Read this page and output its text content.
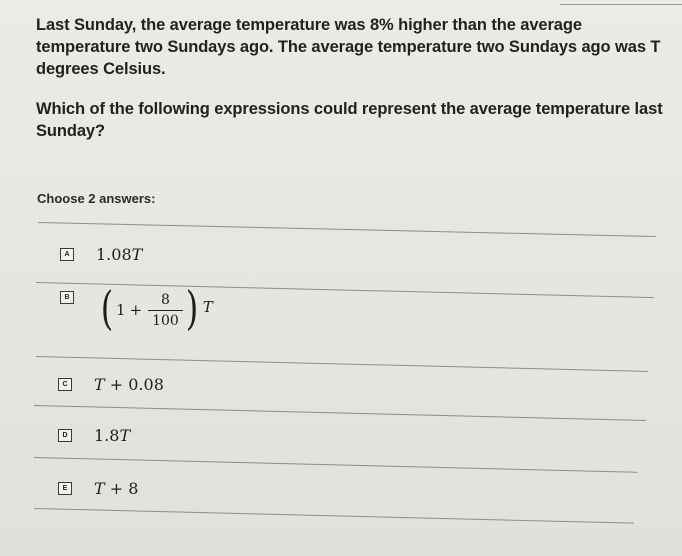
Last Sunday, the average temperature was 8% higher than the average temperature two Sundays ago. The average temperature two Sundays ago was T degrees Celsius.

Which of the following expressions could represent the average temperature last Sunday?

Choose 2 answers:
A 1.08T
B ( $1 + \frac{8}{100}$ ) T
C T + 0.08
D 1.8T
E T + 8
